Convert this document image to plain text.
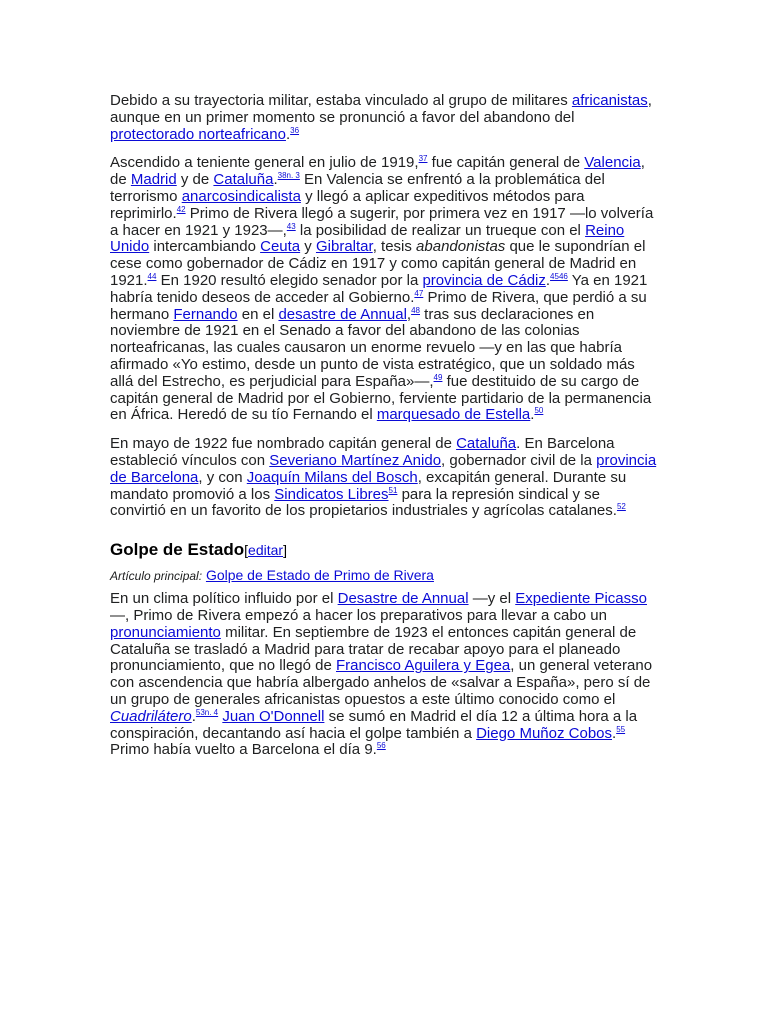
Debido a su trayectoria militar, estaba vinculado al grupo de militares africanistas, aunque en un primer momento se pronunció a favor del abandono del protectorado norteafricano.$^{36}$

Ascendido a teniente general en julio de 1919,37 fue capitán general de Valencia, de Madrid y de Cataluña.$^{38n. 3}$ En Valencia se enfrentó a la problemática del terrorismo anarcosindicalista y llegó a aplicar expeditivos métodos para reprimirlo.$^{42}$ Primo de Rivera llegó a sugerir, por primera vez en 1917 —lo volvería a hacer en 1921 y 1923—,$^{43}$ la posibilidad de realizar un trueque con el Reino Unido intercambiando Ceuta y Gibraltar, tesis abandonistas que le supondrían el cese como gobernador de Cádiz en 1917 y como capitán general de Madrid en 1921.44 En 1920 resultó elegido senador por la provincia de Cádiz.$^{4546}$ Ya en 1921 habría tenido deseos de acceder al Gobierno.$^{47}$ Primo de Rivera, que perdió a su hermano Fernando en el desastre de Annual,$^{48}$ tras sus declaraciones en noviembre de 1921 en el Senado a favor del abandono de las colonias norteafricanas, las cuales causaron un enorme revuelo —y en las que habría afirmado «Yo estimo, desde un punto de vista estratégico, que un soldado más allá del Estrecho, es perjudicial para España»—,$^{49}$ fue destituido de su cargo de capitán general de Madrid por el Gobierno, ferviente partidario de la permanencia en África. Heredó de su tío Fernando el marquesado de Estella.$^{50}$

En mayo de 1922 fue nombrado capitán general de Cataluña. En Barcelona estableció vínculos con Severiano Martínez Anido, gobernador civil de la provincia de Barcelona, y con Joaquín Milans del Bosch, excapitán general. Durante su mandato promovió a los Sindicatos Libres$^{51}$ para la represión sindical y se convirtió en un favorito de los propietarios industriales y agrícolas catalanes.$^{52}$

Golpe de Estado[editar]
Artículo principal: Golpe de Estado de Primo de Rivera

En un clima político influido por el Desastre de Annual —y el Expediente Picasso—, Primo de Rivera empezó a hacer los preparativos para llevar a cabo un pronunciamiento militar. En septiembre de 1923 el entonces capitán general de Cataluña se trasladó a Madrid para tratar de recabar apoyo para el planeado pronunciamiento, que no llegó de Francisco Aguilera y Egea, un general veterano con ascendencia que habría albergado anhelos de «salvar a España», pero sí de un grupo de generales africanistas opuestos a este último conocido como el Cuadrilátero.$^{53n. 4}$ Juan O'Donnell se sumó en Madrid el día 12 a última hora a la conspiración, decantando así hacia el golpe también a Diego Muñoz Cobos.$^{55}$ Primo había vuelto a Barcelona el día 9.56
